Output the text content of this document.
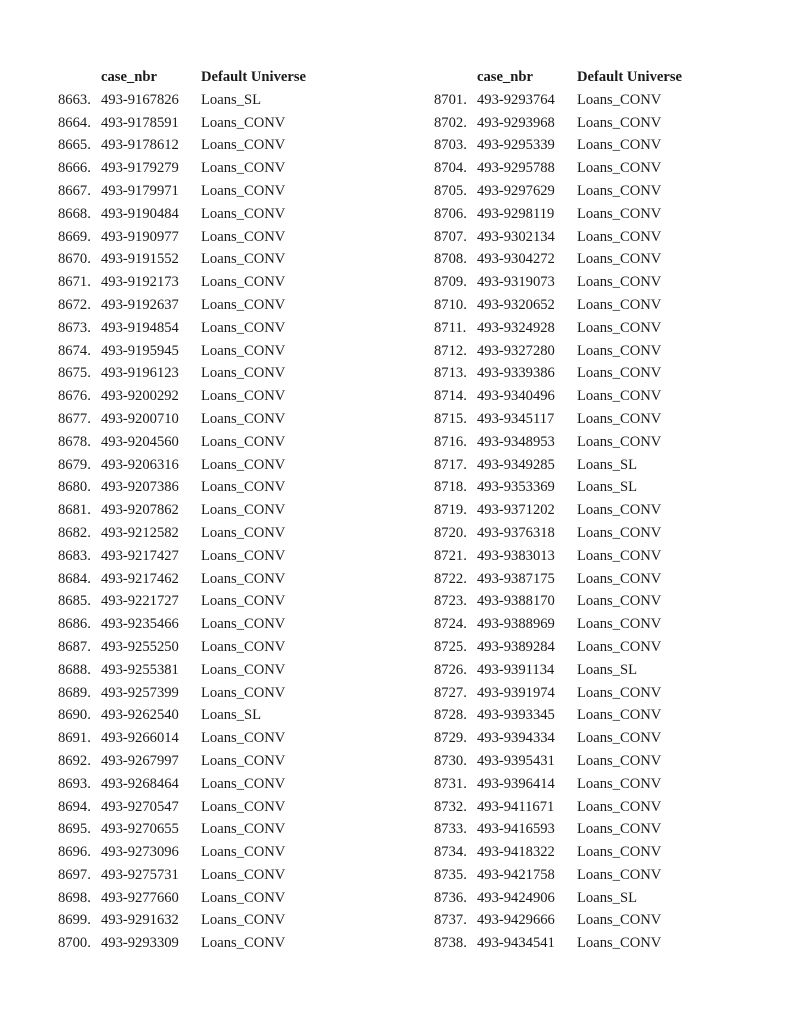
case_nbr	Default Universe
8663. 493-9167826	Loans_SL
8664. 493-9178591	Loans_CONV
8665. 493-9178612	Loans_CONV
8666. 493-9179279	Loans_CONV
8667. 493-9179971	Loans_CONV
8668. 493-9190484	Loans_CONV
8669. 493-9190977	Loans_CONV
8670. 493-9191552	Loans_CONV
8671. 493-9192173	Loans_CONV
8672. 493-9192637	Loans_CONV
8673. 493-9194854	Loans_CONV
8674. 493-9195945	Loans_CONV
8675. 493-9196123	Loans_CONV
8676. 493-9200292	Loans_CONV
8677. 493-9200710	Loans_CONV
8678. 493-9204560	Loans_CONV
8679. 493-9206316	Loans_CONV
8680. 493-9207386	Loans_CONV
8681. 493-9207862	Loans_CONV
8682. 493-9212582	Loans_CONV
8683. 493-9217427	Loans_CONV
8684. 493-9217462	Loans_CONV
8685. 493-9221727	Loans_CONV
8686. 493-9235466	Loans_CONV
8687. 493-9255250	Loans_CONV
8688. 493-9255381	Loans_CONV
8689. 493-9257399	Loans_CONV
8690. 493-9262540	Loans_SL
8691. 493-9266014	Loans_CONV
8692. 493-9267997	Loans_CONV
8693. 493-9268464	Loans_CONV
8694. 493-9270547	Loans_CONV
8695. 493-9270655	Loans_CONV
8696. 493-9273096	Loans_CONV
8697. 493-9275731	Loans_CONV
8698. 493-9277660	Loans_CONV
8699. 493-9291632	Loans_CONV
8700. 493-9293309	Loans_CONV
case_nbr	Default Universe
8701. 493-9293764	Loans_CONV
8702. 493-9293968	Loans_CONV
8703. 493-9295339	Loans_CONV
8704. 493-9295788	Loans_CONV
8705. 493-9297629	Loans_CONV
8706. 493-9298119	Loans_CONV
8707. 493-9302134	Loans_CONV
8708. 493-9304272	Loans_CONV
8709. 493-9319073	Loans_CONV
8710. 493-9320652	Loans_CONV
8711. 493-9324928	Loans_CONV
8712. 493-9327280	Loans_CONV
8713. 493-9339386	Loans_CONV
8714. 493-9340496	Loans_CONV
8715. 493-9345117	Loans_CONV
8716. 493-9348953	Loans_CONV
8717. 493-9349285	Loans_SL
8718. 493-9353369	Loans_SL
8719. 493-9371202	Loans_CONV
8720. 493-9376318	Loans_CONV
8721. 493-9383013	Loans_CONV
8722. 493-9387175	Loans_CONV
8723. 493-9388170	Loans_CONV
8724. 493-9388969	Loans_CONV
8725. 493-9389284	Loans_CONV
8726. 493-9391134	Loans_SL
8727. 493-9391974	Loans_CONV
8728. 493-9393345	Loans_CONV
8729. 493-9394334	Loans_CONV
8730. 493-9395431	Loans_CONV
8731. 493-9396414	Loans_CONV
8732. 493-9411671	Loans_CONV
8733. 493-9416593	Loans_CONV
8734. 493-9418322	Loans_CONV
8735. 493-9421758	Loans_CONV
8736. 493-9424906	Loans_SL
8737. 493-9429666	Loans_CONV
8738. 493-9434541	Loans_CONV
